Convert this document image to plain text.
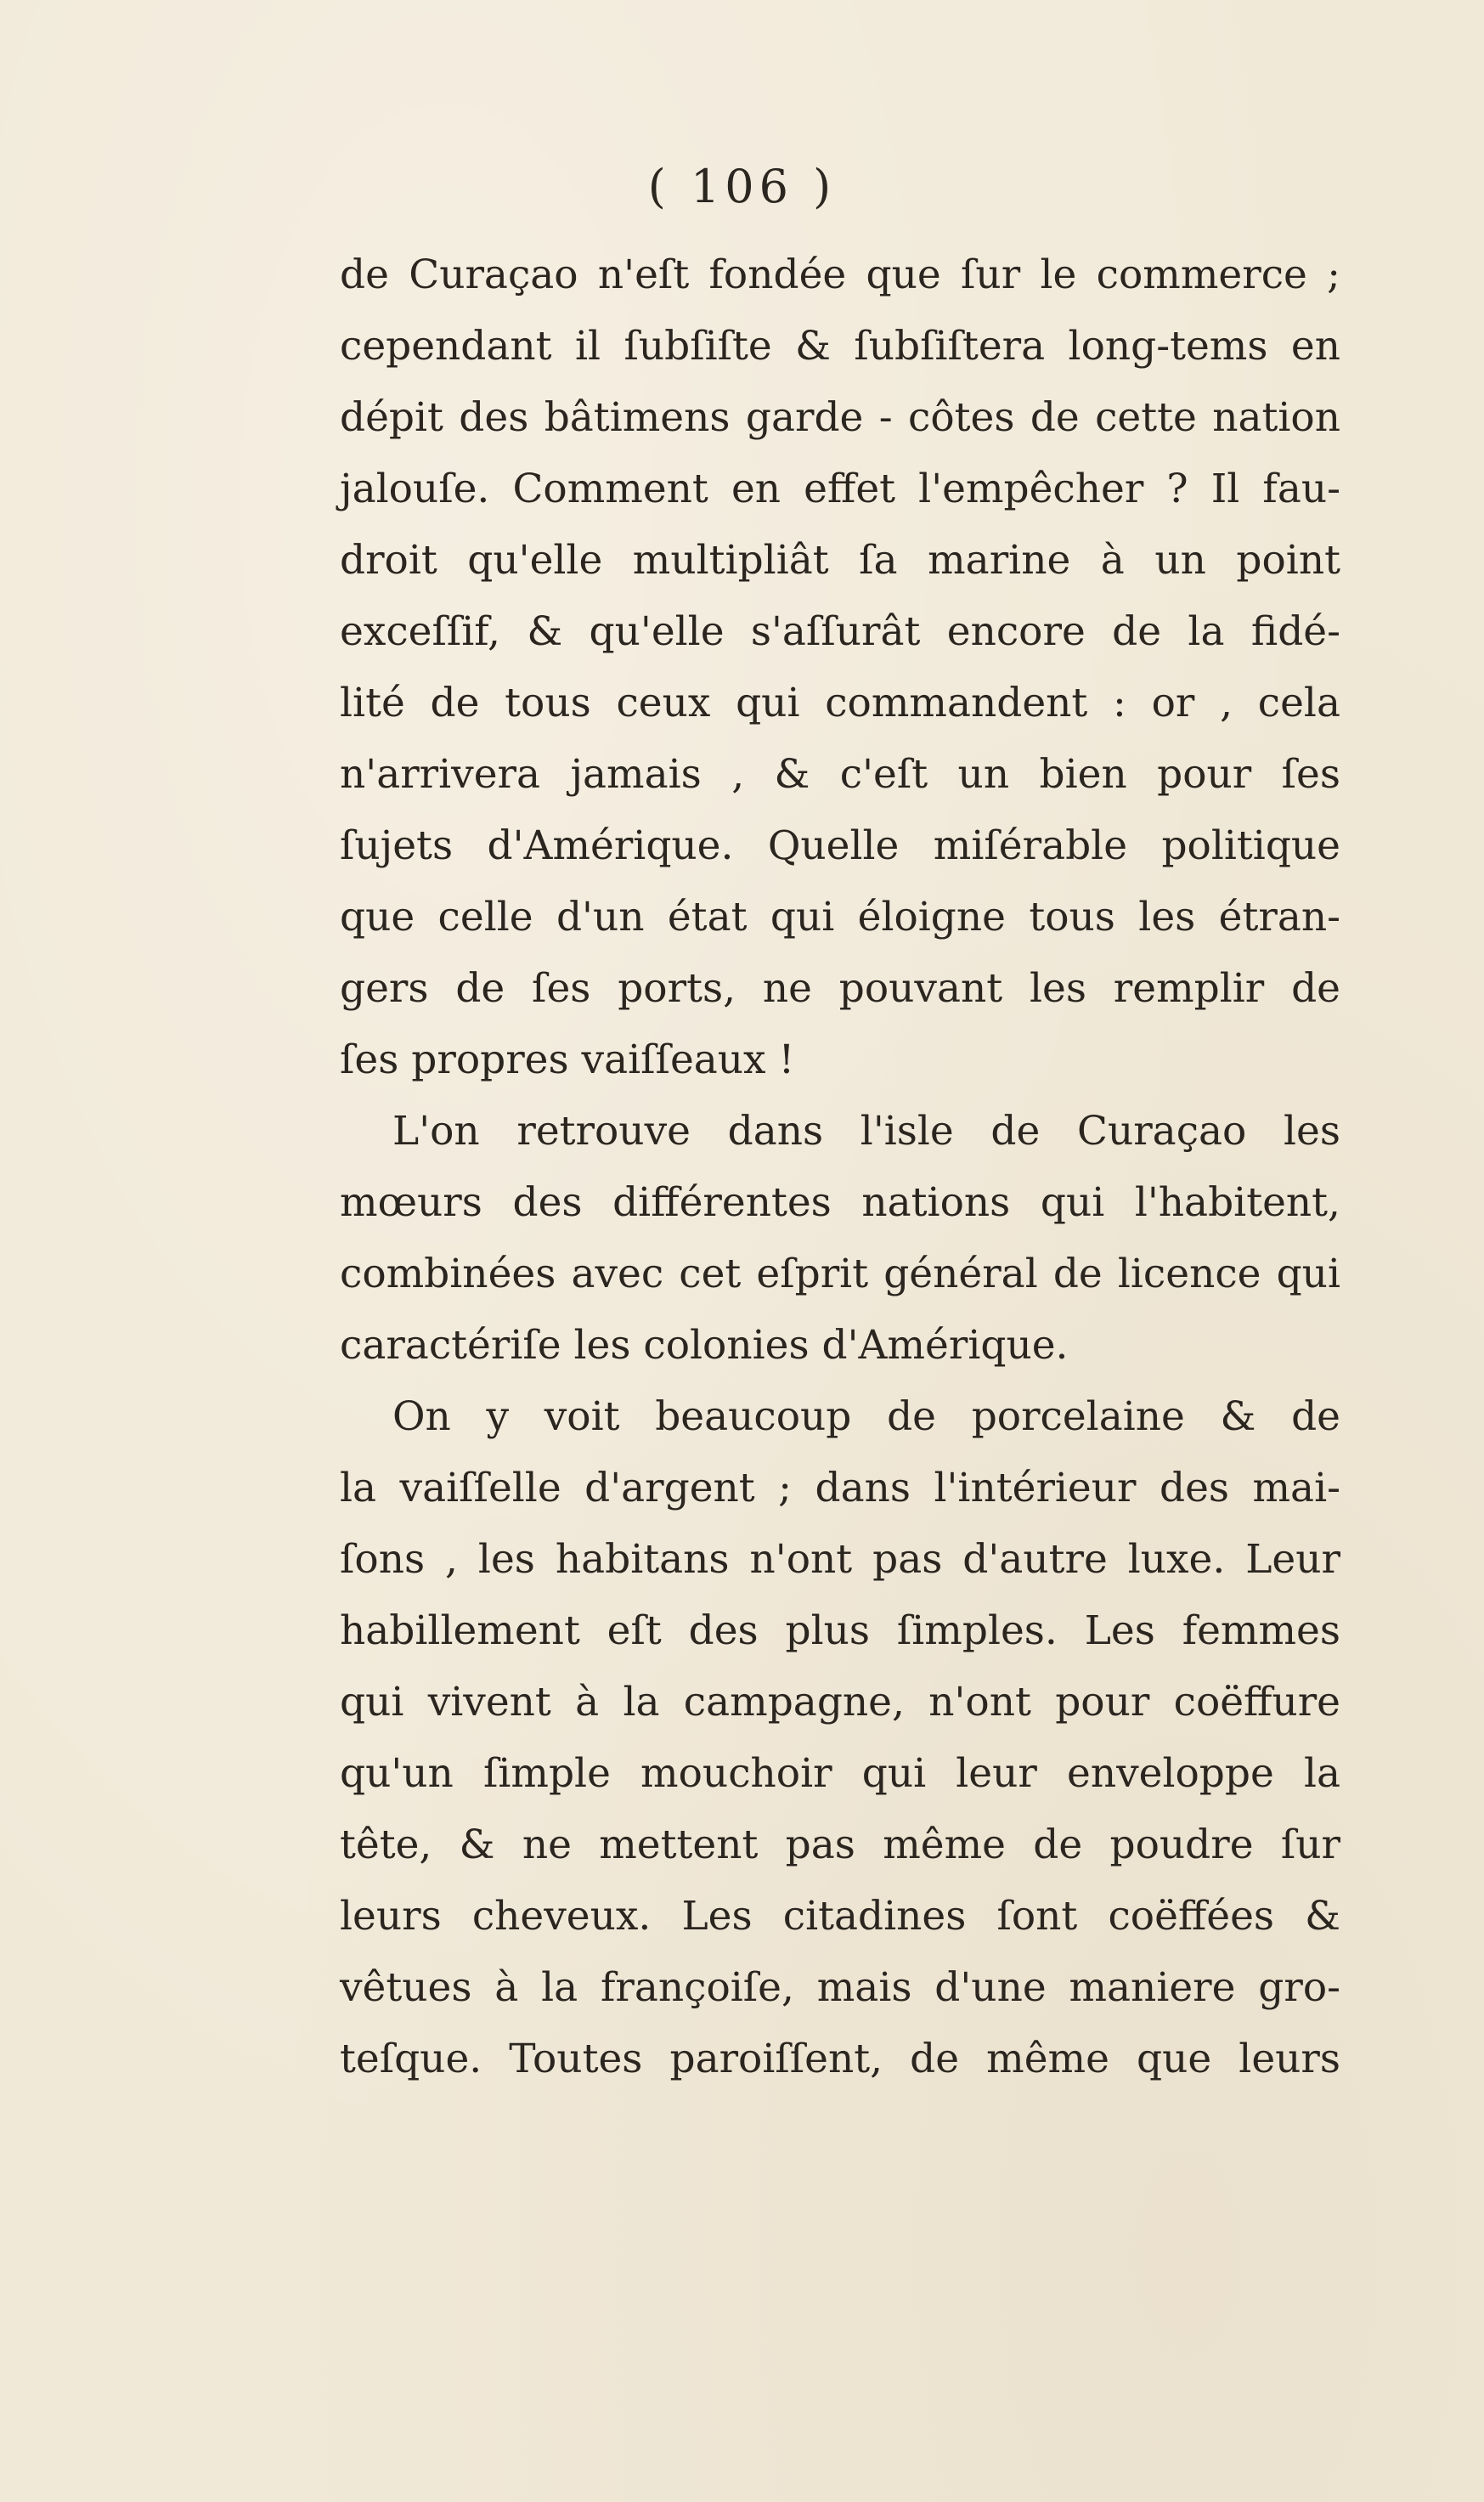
( 106 )

de Curaçao n'eſt fondée que ſur le commerce ;
cependant il ſubſiſte & ſubſiſtera long-tems en
dépit des bâtimens garde - côtes de cette nation
jalouſe. Comment en effet l'empêcher ? Il fau-
droit qu'elle multipliât ſa marine à un point
exceſſif, & qu'elle s'aſſurât encore de la fidé-
lité de tous ceux qui commandent : or , cela
n'arrivera jamais , & c'eſt un bien pour ſes
ſujets d'Amérique. Quelle miſérable politique
que celle d'un état qui éloigne tous les étran-
gers de ſes ports, ne pouvant les remplir de
ſes propres vaiſſeaux !
L'on retrouve dans l'isle de Curaçao les
mœurs des différentes nations qui l'habitent,
combinées avec cet eſprit général de licence qui
caractériſe les colonies d'Amérique.
On y voit beaucoup de porcelaine & de
la vaiſſelle d'argent ; dans l'intérieur des mai-
ſons , les habitans n'ont pas d'autre luxe. Leur
habillement eſt des plus ſimples. Les femmes
qui vivent à la campagne, n'ont pour coëffure
qu'un ſimple mouchoir qui leur enveloppe la
tête, & ne mettent pas même de poudre ſur
leurs cheveux. Les citadines ſont coëffées &
vêtues à la françoiſe, mais d'une maniere gro-
teſque. Toutes paroiſſent, de même que leurs
